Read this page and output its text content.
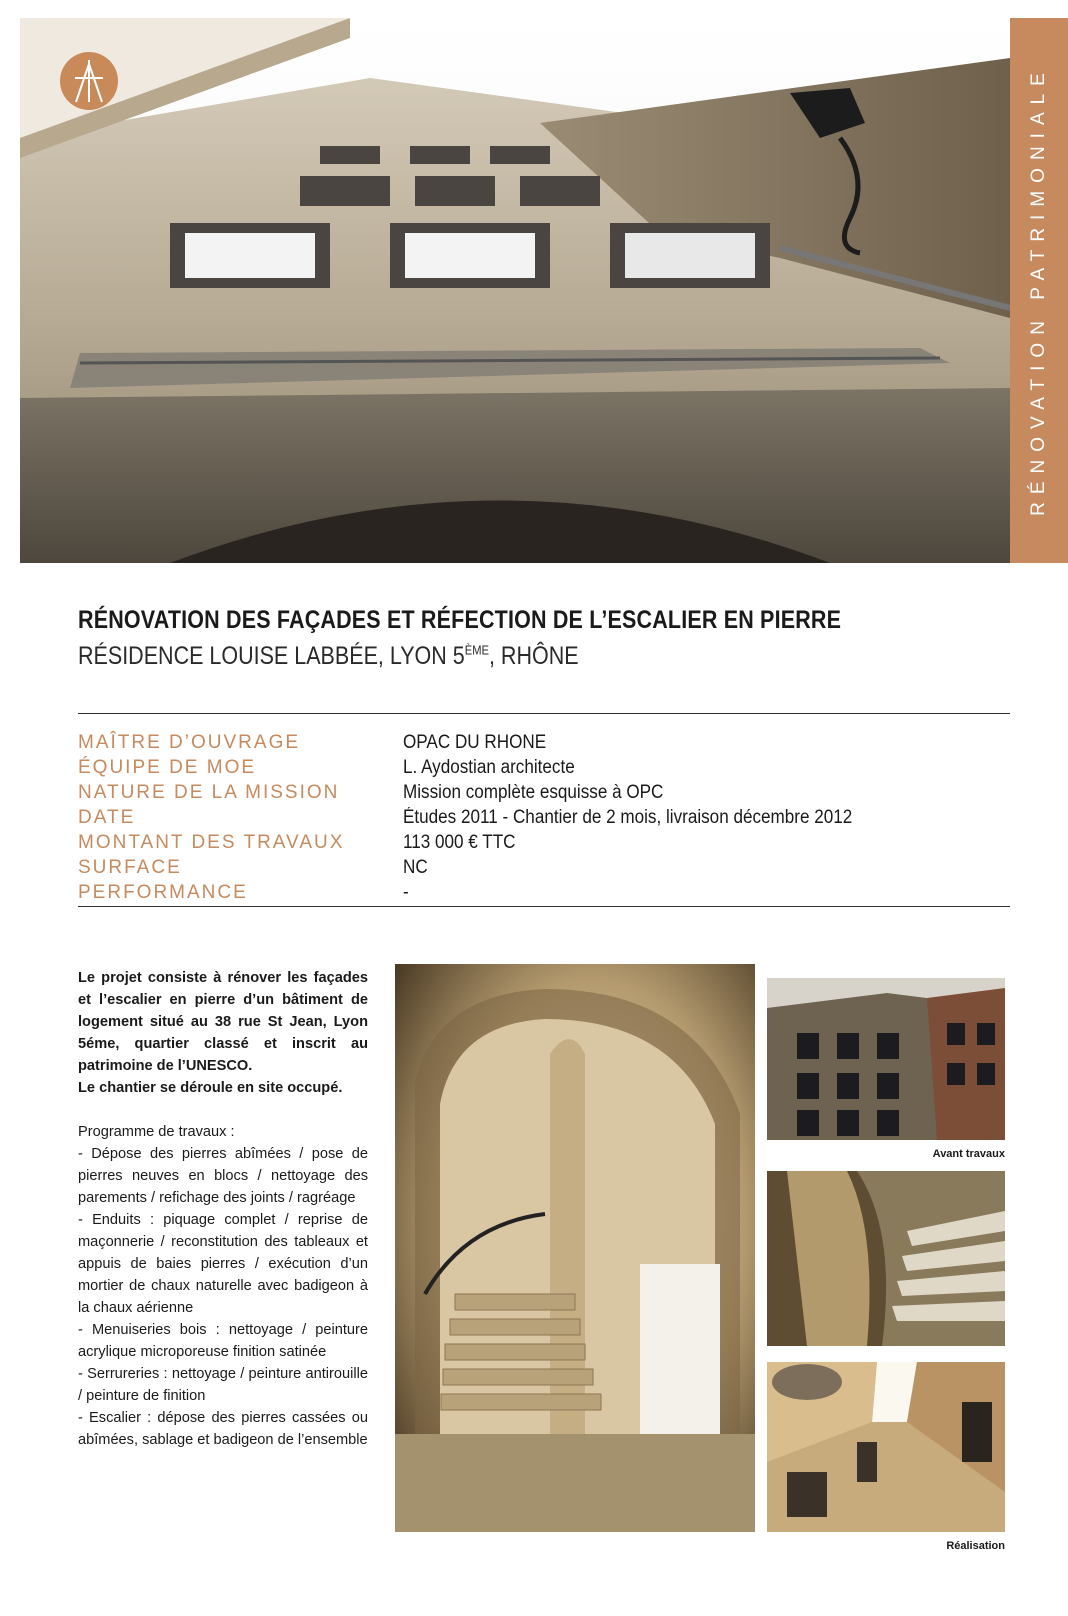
RÉNOVATION PATRIMONIALE
RÉNOVATION DES FAÇADES ET RÉFECTION DE L’ESCALIER EN PIERRE
RÉSIDENCE LOUISE LABBÉE, LYON 5ÈME, RHÔNE
MAÎTRE D’OUVRAGE	OPAC DU RHONE
ÉQUIPE DE MOE	L. Aydostian architecte
NATURE DE LA MISSION	Mission complète esquisse à OPC
DATE	Études 2011 - Chantier de 2 mois, livraison décembre 2012
MONTANT DES TRAVAUX	113 000 € TTC
SURFACE	NC
PERFORMANCE	-

Le projet consiste à rénover les façades et l’escalier en pierre d’un bâtiment de logement situé au 38 rue St Jean, Lyon 5éme, quartier classé et inscrit au patrimoine de l’UNESCO.

Le chantier se déroule en site occupé.

Programme de travaux :

- Dépose des pierres abîmées / pose de pierres neuves en blocs / nettoyage des parements / refichage des joints / ragréage

- Enduits : piquage complet / reprise de maçonnerie / reconstitution des tableaux et appuis de baies pierres / exécution d’un mortier de chaux naturelle avec badigeon à la chaux aérienne

- Menuiseries bois : nettoyage / peinture acrylique microporeuse finition satinée

- Serrureries : nettoyage / peinture antirouille / peinture de finition

- Escalier : dépose des pierres cassées ou abîmées, sablage et badigeon de l’ensemble

Avant travaux
Réalisation
